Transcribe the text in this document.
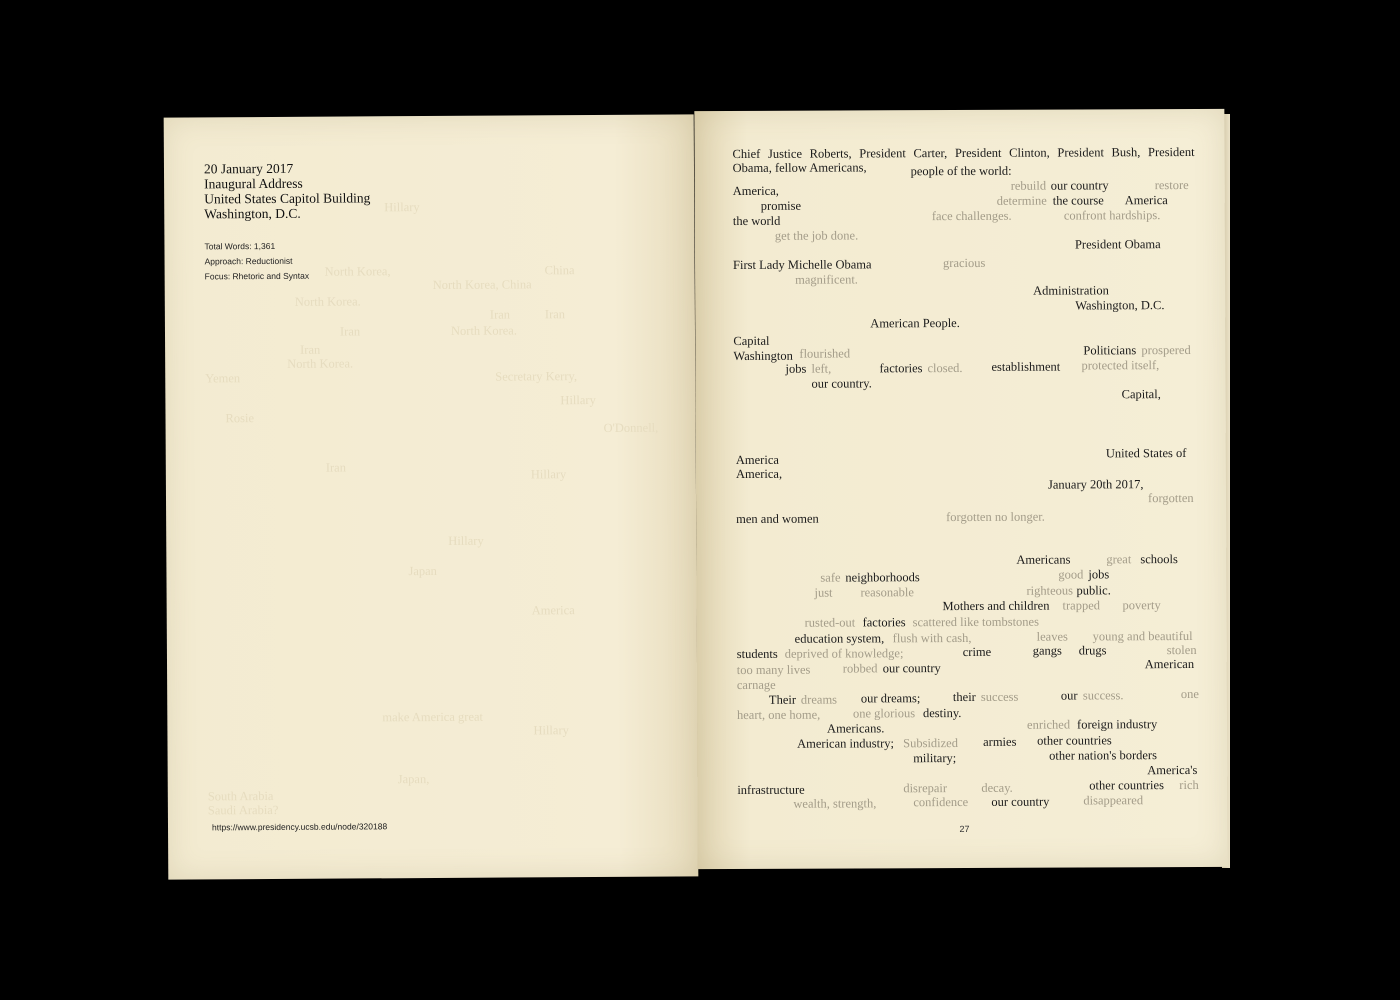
20 January 2017
Inaugural Address
United States Capitol Building
Washington, D.C.
Total Words: 1,361
Approach: Reductionist
Focus: Rhetoric and Syntax
Hillary
North Korea,	China
North Korea, China
North Korea.
Iran	Iran
Iran	North Korea.
Iran
North Korea.
Yemen	Secretary Kerry,
Hillary
Rosie
O'Donnell,
Iran	Hillary
Hillary
Japan
America
Hillary
make America great
Japan,
South Arabia
Saudi Arabia?
https://www.presidency.ucsb.edu/node/320188
Chief Justice Roberts, President Carter, President Clinton, President Bush, President Obama, fellow Americans,	people of the world:
America,	rebuild our country	restore
promise	determine the course America
the world	face challenges.	confront hardships.
get the job done.
President Obama
First Lady Michelle Obama	gracious
magnificent.
Administration
Washington, D.C.
American People.
Capital
Washington flourished	Politicians prospered
jobs left,	factories closed. establishment protected itself,
our country.
Capital,
America	United States of
America,
January 20th 2017,
forgotten
men and women	forgotten no longer.
Americans	great schools
safe neighborhoods	good jobs
just reasonable	righteous public.
Mothers and children trapped poverty
rusted-out factories scattered like tombstones
education system, flush with cash,	leaves young and beautiful
students deprived of knowledge;	crime	gangs drugs	stolen
too many lives	robbed our country	American
carnage
Their dreams our dreams;	their success	our success.	one
heart, one home,	one glorious destiny.
Americans.	enriched foreign industry
American industry; Subsidized armies other countries
military;	other nation's borders
America's
infrastructure	disrepair	decay.	other countries rich
wealth, strength,	confidence our country	disappeared
27
